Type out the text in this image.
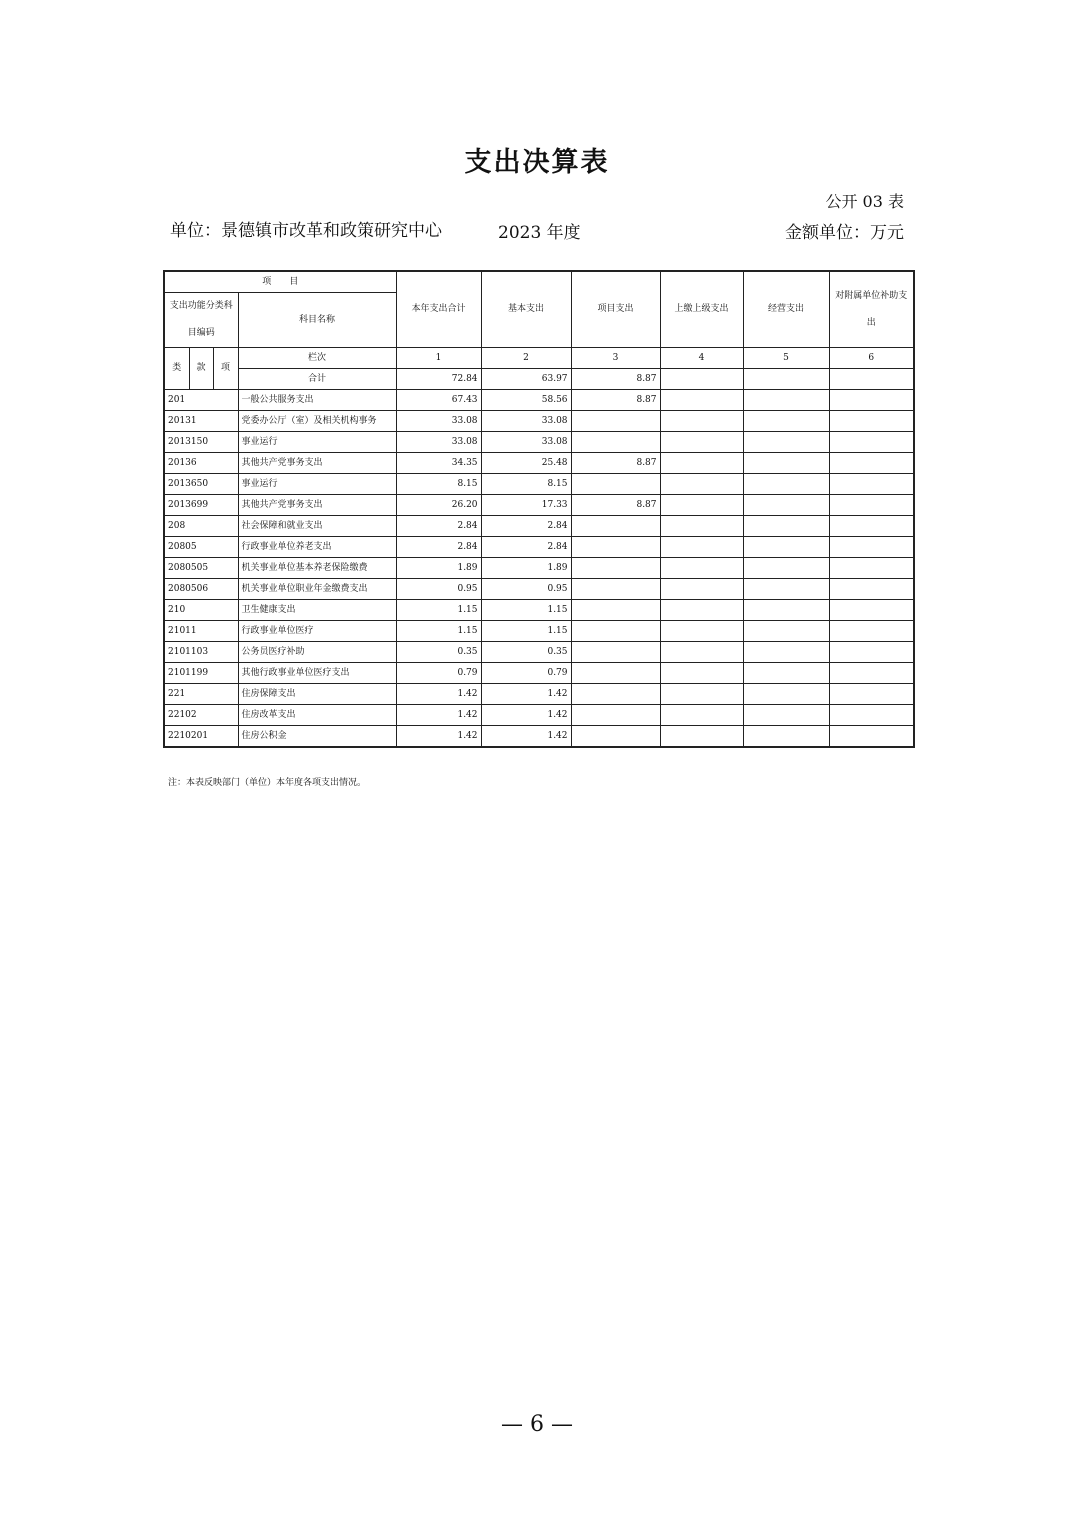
支出决算表
公开 03 表
单位：景德镇市改革和政策研究中心	2023 年度	金额单位：万元
项　　目				本年支出合计	基本支出	项目支出	上缴上级支出	经营支出	对附属单位补助支出
支出功能分类科目编码			科目名称						

类	款	项	栏次	1	2	3	4	5	6
			合计	72.84	63.97	8.87			
201			一般公共服务支出	67.43	58.56	8.87			
20131			党委办公厅（室）及相关机构事务	33.08	33.08				
2013150			事业运行	33.08	33.08				
20136			其他共产党事务支出	34.35	25.48	8.87			
2013650			事业运行	8.15	8.15				
2013699			其他共产党事务支出	26.20	17.33	8.87			
208			社会保障和就业支出	2.84	2.84				
20805			行政事业单位养老支出	2.84	2.84				
2080505			机关事业单位基本养老保险缴费	1.89	1.89				
2080506			机关事业单位职业年金缴费支出	0.95	0.95				
210			卫生健康支出	1.15	1.15				
21011			行政事业单位医疗	1.15	1.15				
2101103			公务员医疗补助	0.35	0.35				
2101199			其他行政事业单位医疗支出	0.79	0.79				
221			住房保障支出	1.42	1.42				
22102			住房改革支出	1.42	1.42				
2210201			住房公积金	1.42	1.42				
注：本表反映部门（单位）本年度各项支出情况。
— 6 —
